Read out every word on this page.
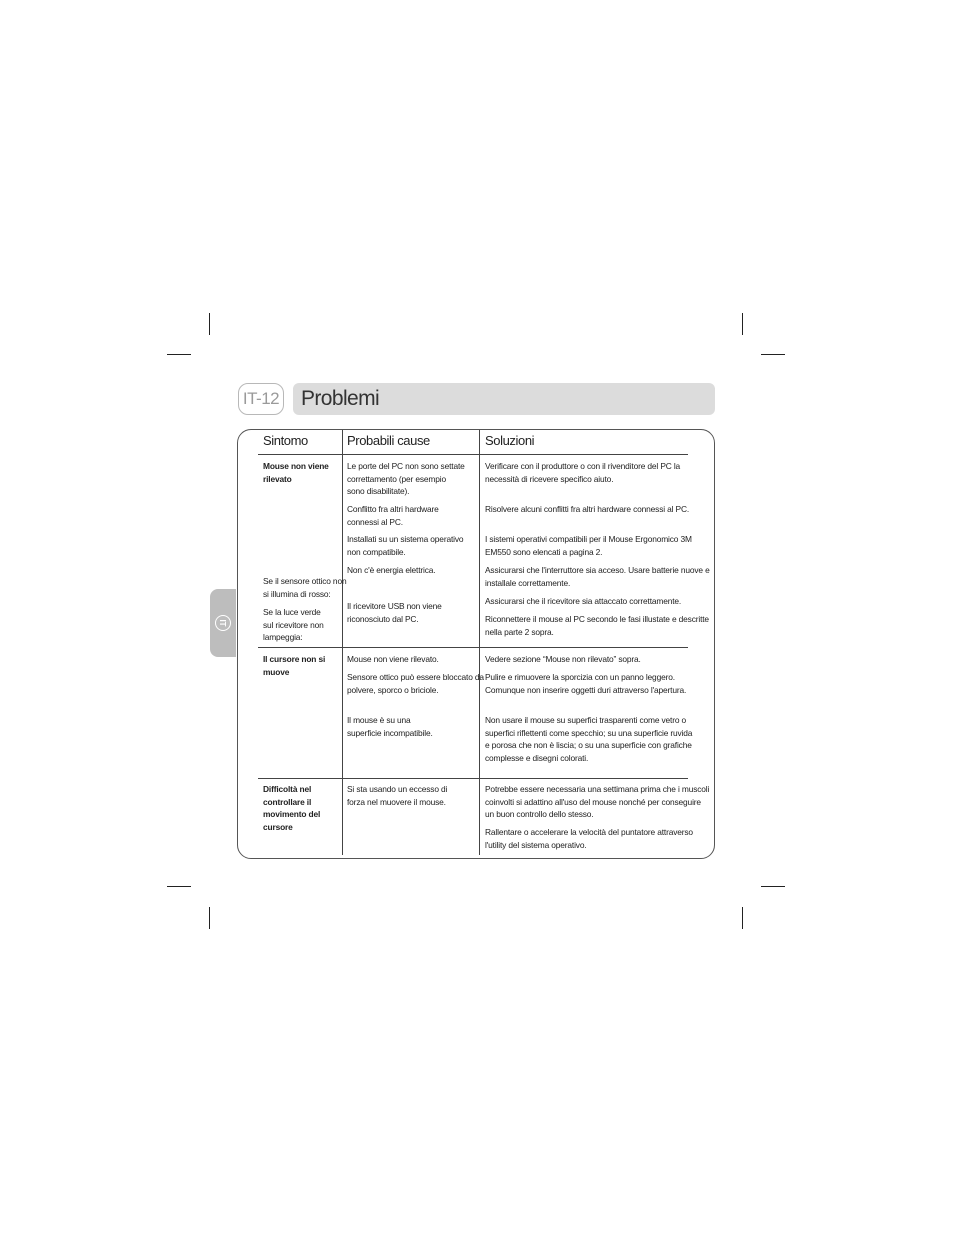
IT-12 Problemi
IT
Sintomo	Probabili cause	Soluzioni
Mouse non viene
rilevato
Se il sensore ottico non
si illumina di rosso:
Se la luce verde
sul ricevitore non
lampeggia:
Le porte del PC non sono settate
correttamento (per esempio
sono disabilitate).
Conflitto fra altri hardware
connessi al PC.
Installati su un sistema operativo
non compatibile.
Non c'è energia elettrica.
Il ricevitore USB non viene
riconosciuto dal PC.
Verificare con il produttore o con il rivenditore del PC la
necessità di ricevere specifico aiuto.
Risolvere alcuni conflitti fra altri hardware connessi al PC.
I sistemi operativi compatibili per il Mouse Ergonomico 3M
EM550 sono elencati a pagina 2.
Assicurarsi che l'interruttore sia acceso. Usare batterie nuove e
installale correttamente.
Assicurarsi che il ricevitore sia attaccato correttamente.
Riconnettere il mouse al PC secondo le fasi illustate e descritte
nella parte 2 sopra.
Il cursore non si
muove
Mouse non viene rilevato.
Sensore ottico può essere bloccato da
polvere, sporco o briciole.
Il mouse è su una
superficie incompatibile.
Vedere sezione “Mouse non rilevato” sopra.
Pulire e rimuovere la sporcizia con un panno leggero.
Comunque non inserire oggetti duri attraverso l'apertura.
Non usare il mouse su superfici trasparenti come vetro o
superfici riflettenti come specchio; su una superficie ruvida
e porosa che non è liscia; o su una superficie con grafiche
complesse e disegni colorati.
Difficoltà nel
controllare il
movimento del
cursore
Si sta usando un eccesso di
forza nel muovere il mouse.
Potrebbe essere necessaria una settimana prima che i muscoli
coinvolti si adattino all'uso del mouse nonché per conseguire
un buon controllo dello stesso.
Rallentare o accelerare la velocità del puntatore attraverso
l'utility del sistema operativo.
